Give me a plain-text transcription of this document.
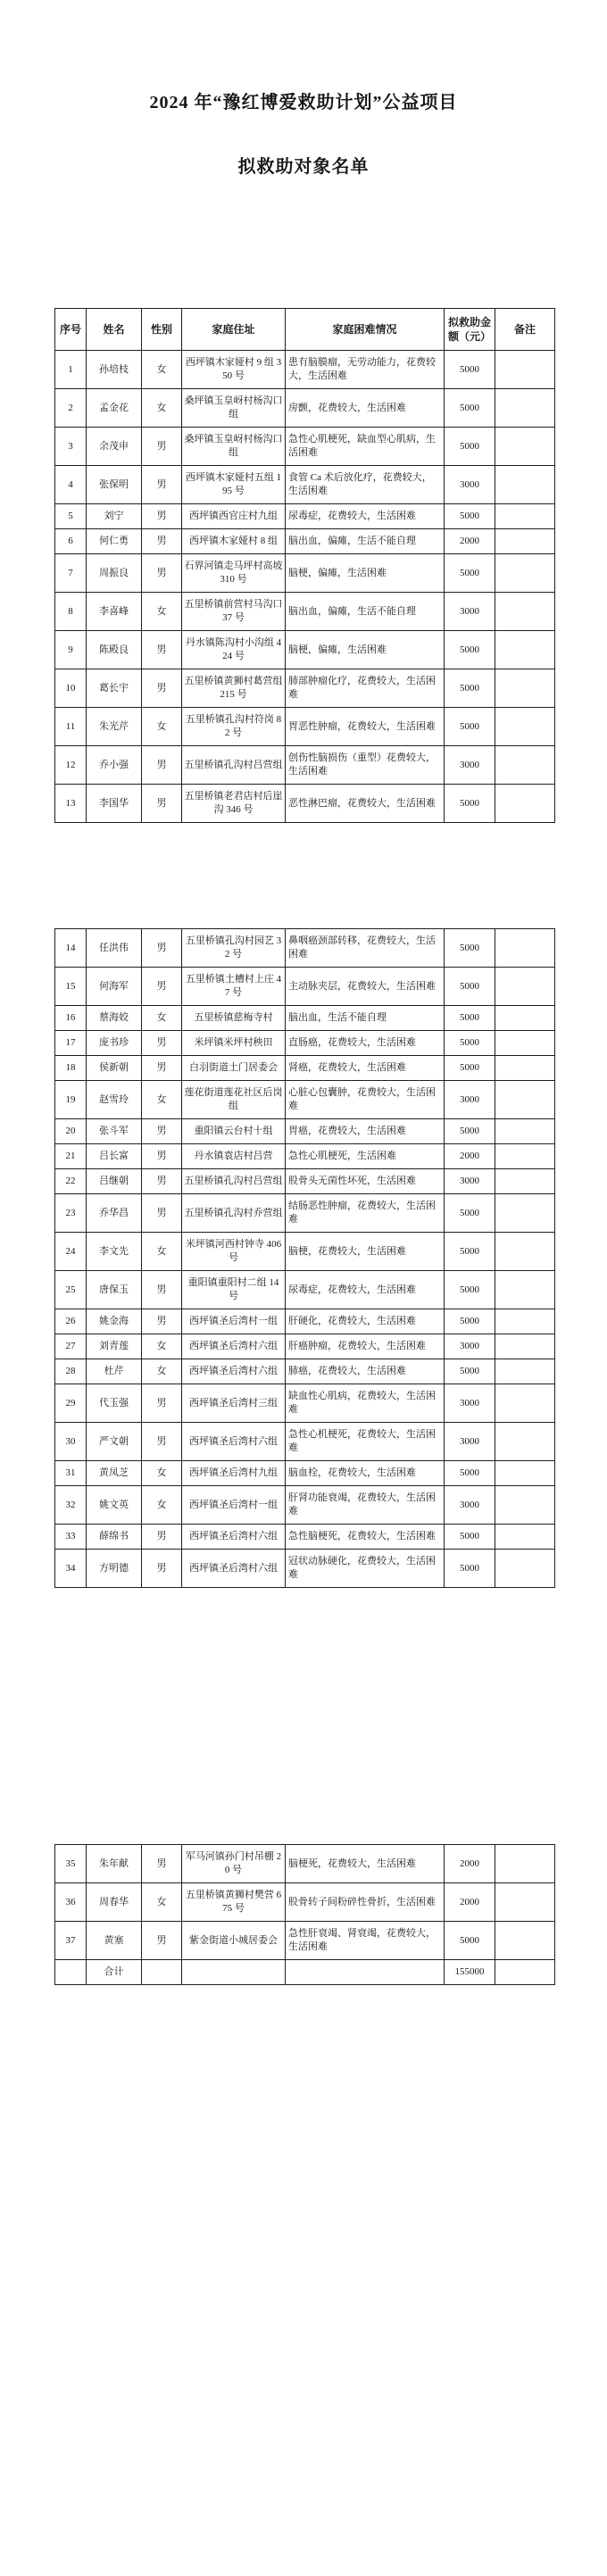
2024 年“豫红博爱救助计划”公益项目
拟救助对象名单
序号	姓名	性别	家庭住址	家庭困难情况	拟救助金额（元）	备注
1	孙培枝	女	西坪镇木家娅村 9 组 350 号	患有脑膜瘤，无劳动能力，花费较大，生活困难	5000	
2	孟金花	女	桑坪镇玉皇岈村杨沟口组	房颤，花费较大，生活困难	5000	
3	余茂申	男	桑坪镇玉皇岈村杨沟口组	急性心肌梗死，缺血型心肌病，生活困难	5000	
4	张保明	男	西坪镇木家娅村五组 195 号	食管 Ca 术后放化疗，花费较大，生活困难	3000	
5	刘宁	男	西坪镇西官庄村九组	尿毒症，花费较大，生活困难	5000	
6	何仁勇	男	西坪镇木家娅村 8 组	脑出血，偏瘫，生活不能自理	2000	
7	周振良	男	石界河镇走马坪村高坡 310 号	脑梗，偏瘫，生活困难	5000	
8	李喜峰	女	五里桥镇前营村马沟口 37 号	脑出血，偏瘫，生活不能自理	3000	
9	陈殿良	男	丹水镇陈沟村小沟组 424 号	脑梗，偏瘫，生活困难	5000	
10	葛长宇	男	五里桥镇黄狮村葛营组 215 号	肺部肿瘤化疗，花费较大，生活困难	5000	
11	朱光芹	女	五里桥镇孔沟村符岗 82 号	胃恶性肿瘤，花费较大，生活困难	5000	
12	乔小强	男	五里桥镇孔沟村吕营组	创伤性脑损伤（重型）花费较大，生活困难	3000	
13	李国华	男	五里桥镇老君店村后崖沟 346 号	恶性淋巴瘤，花费较大，生活困难	5000	
14	任洪伟	男	五里桥镇孔沟村园艺 32 号	鼻咽癌颈部转移，花费较大，生活困难	5000	
15	何海军	男	五里桥镇土槽村上庄 47 号	主动脉夹层，花费较大，生活困难	5000	
16	蔡海姣	女	五里桥镇慈梅寺村	脑出血，生活不能自理	5000	
17	庞书珍	男	米坪镇米坪村秧田	直肠癌，花费较大，生活困难	5000	
18	侯新朝	男	白羽街道土门居委会	肾癌，花费较大，生活困难	5000	
19	赵雪玲	女	莲花街道莲花社区后岗组	心脏心包囊肿，花费较大，生活困难	3000	
20	张斗军	男	重阳镇云台村十组	胃癌，花费较大，生活困难	5000	
21	吕长富	男	丹水镇袁店村吕营	急性心肌梗死，生活困难	2000	
22	吕继朝	男	五里桥镇孔沟村吕营组	股骨头无菌性坏死，生活困难	3000	
23	乔华昌	男	五里桥镇孔沟村乔营组	结肠恶性肿瘤，花费较大，生活困难	5000	
24	李文先	女	米坪镇河西村钟寺 406 号	脑梗，花费较大，生活困难	5000	
25	唐保玉	男	重阳镇重阳村二组 14 号	尿毒症，花费较大，生活困难	5000	
26	姚金海	男	西坪镇圣后湾村一组	肝硬化，花费较大，生活困难	5000	
27	刘青莲	女	西坪镇圣后湾村六组	肝癌肿瘤，花费较大，生活困难	3000	
28	杜芹	女	西坪镇圣后湾村六组	肺癌，花费较大，生活困难	5000	
29	代玉强	男	西坪镇圣后湾村三组	缺血性心肌病，花费较大，生活困难	3000	
30	严文朝	男	西坪镇圣后湾村六组	急性心机梗死，花费较大，生活困难	3000	
31	黄凤芝	女	西坪镇圣后湾村九组	脑血栓，花费较大，生活困难	5000	
32	姚文英	女	西坪镇圣后湾村一组	肝肾功能衰竭，花费较大，生活困难	3000	
33	薛绵书	男	西坪镇圣后湾村六组	急性脑梗死，花费较大，生活困难	5000	
34	方明德	男	西坪镇圣后湾村六组	冠状动脉硬化，花费较大，生活困难	5000	
35	朱年献	男	军马河镇孙门村吊棚 20 号	脑梗死，花费较大，生活困难	2000	
36	周春华	女	五里桥镇黄狮村樊营 675 号	股骨转子间粉碎性骨折，生活困难	2000	
37	黄塞	男	紫金街道小城居委会	急性肝衰竭、肾衰竭，花费较大，生活困难	5000	
	合计				155000	
